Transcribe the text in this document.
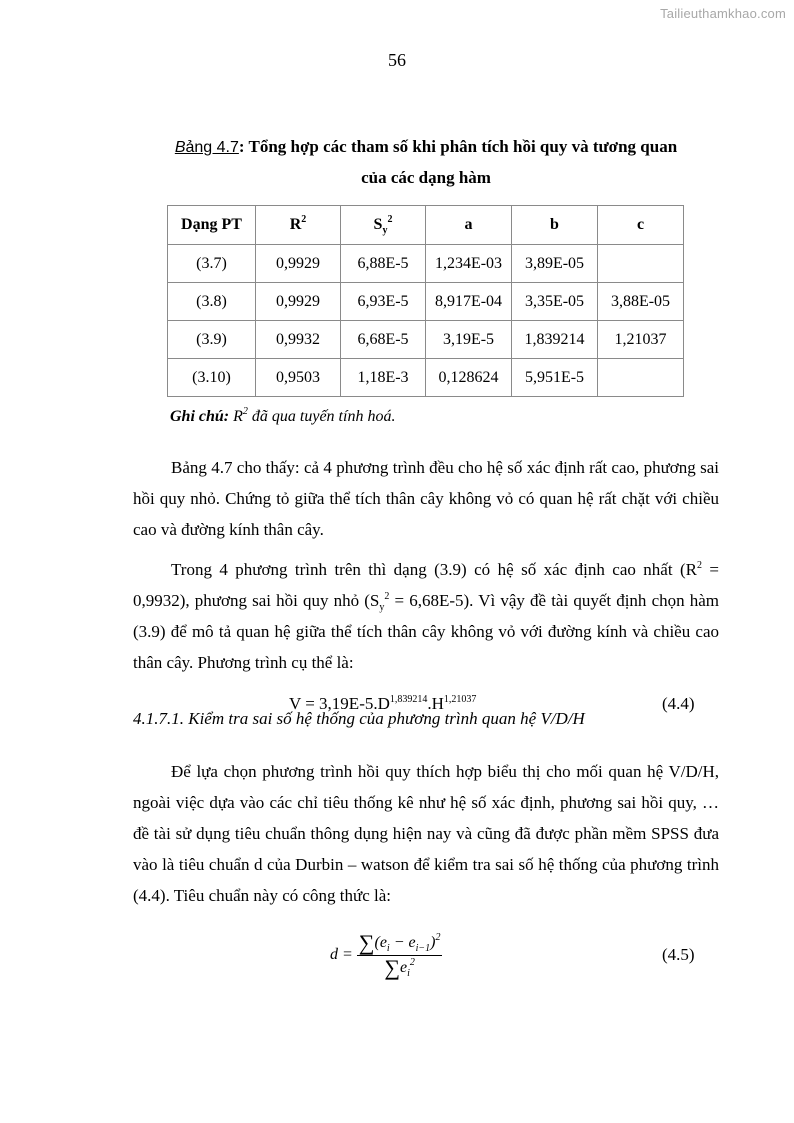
Tailieuthamkhao.com
56
Bảng 4.7: Tổng hợp các tham số khi phân tích hồi quy và tương quan
của các dạng hàm
Dạng PT	$R^2$	$S_y^2$	a	b	c
(3.7)	0,9929	6,88E-5	1,234E-03	3,89E-05	
(3.8)	0,9929	6,93E-5	8,917E-04	3,35E-05	3,88E-05
(3.9)	0,9932	6,68E-5	3,19E-5	1,839214	1,21037
(3.10)	0,9503	1,18E-3	0,128624	5,951E-5	
Ghi chú: $R^2$ đã qua tuyến tính hoá.
Bảng 4.7 cho thấy: cả 4 phương trình đều cho hệ số xác định rất cao, phương sai hồi quy nhỏ. Chứng tỏ giữa thể tích thân cây không vỏ có quan hệ rất chặt với chiều cao và đường kính thân cây.
Trong 4 phương trình trên thì dạng (3.9) có hệ số xác định cao nhất $(R^2 = 0,9932)$, phương sai hồi quy nhỏ $(S_y^2 = 6,68E-5)$. Vì vậy đề tài quyết định chọn hàm (3.9) để mô tả quan hệ giữa thể tích thân cây không vỏ với đường kính và chiều cao thân cây. Phương trình cụ thể là:
$V = 3,19E-5.D^{1,839214}.H^{1,21037}$	(4.4)
4.1.7.1. Kiểm tra sai số hệ thống của phương trình quan hệ V/D/H
Để lựa chọn phương trình hồi quy thích hợp biểu thị cho mối quan hệ V/D/H, ngoài việc dựa vào các chỉ tiêu thống kê như hệ số xác định, phương sai hồi quy, … đề tài sử dụng tiêu chuẩn thông dụng hiện nay và cũng đã được phần mềm SPSS đưa vào là tiêu chuẩn d của Durbin – watson để kiểm tra sai số hệ thống của phương trình (4.4). Tiêu chuẩn này có công thức là:
$d = \frac{\sum(e_i - e_{i-1})^2}{\sum e_i^2}$	(4.5)
